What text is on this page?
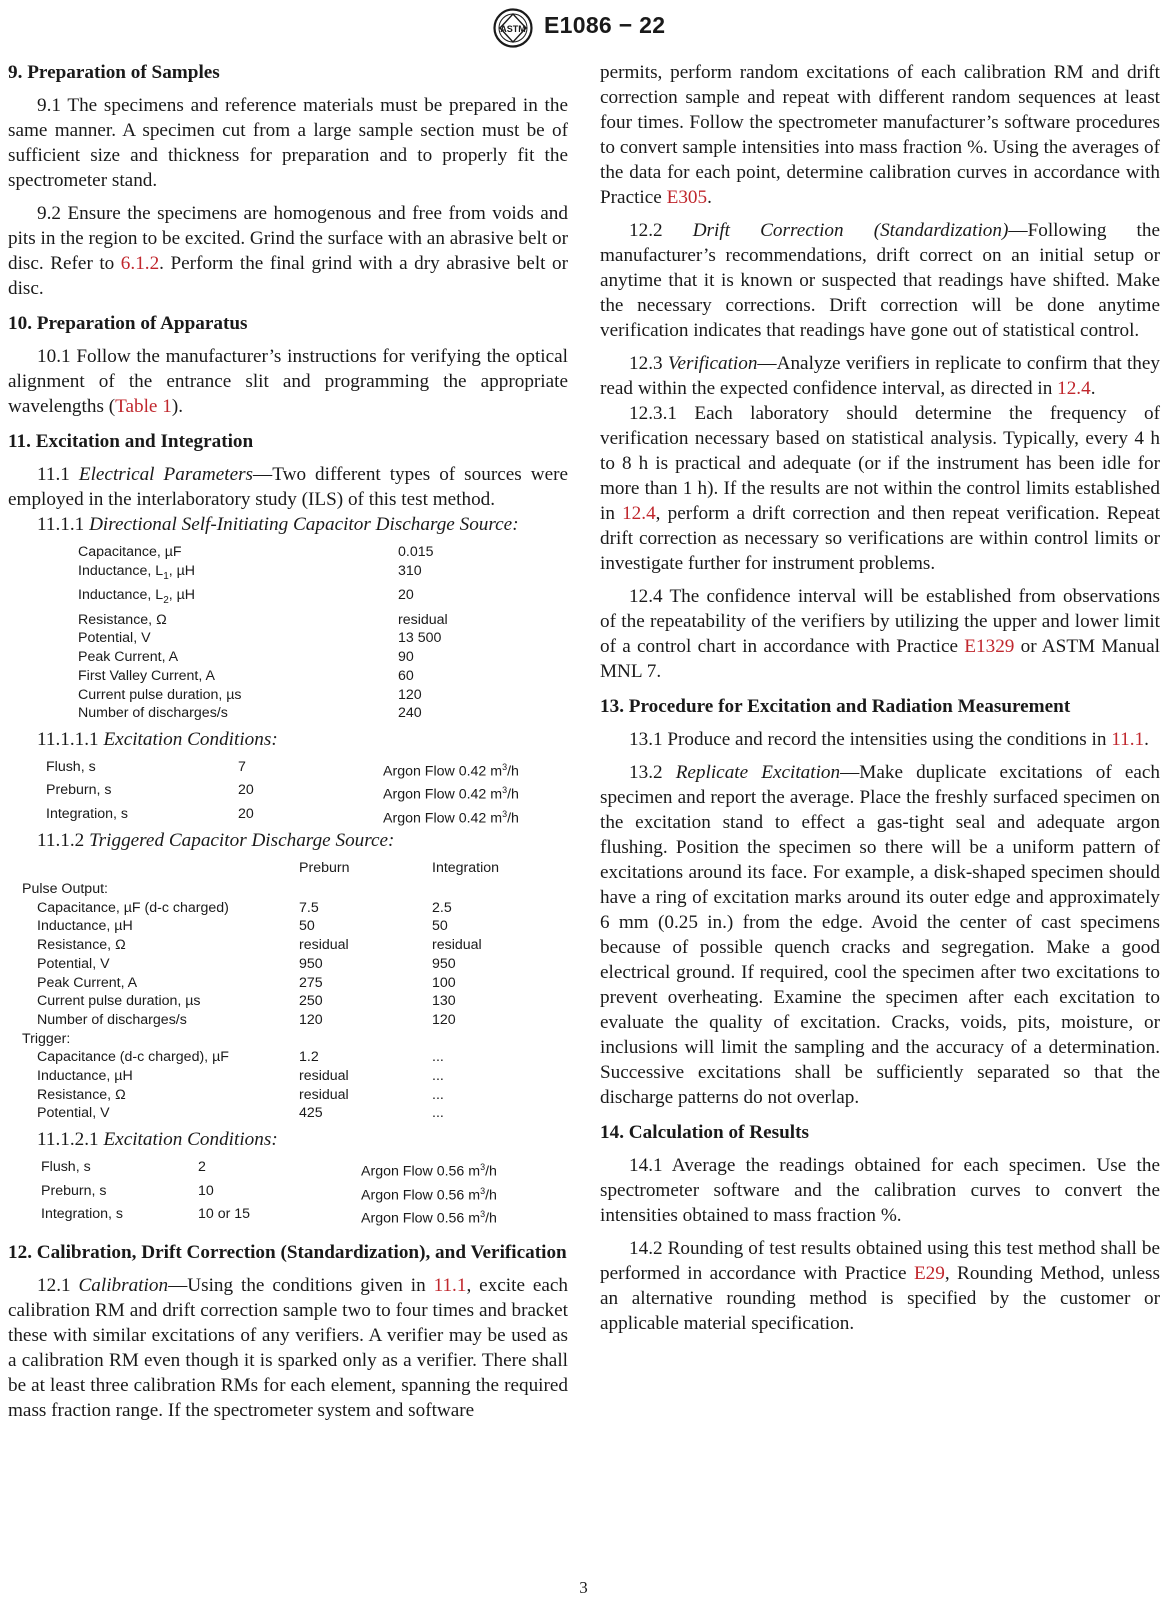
ASTM E1086 − 22
9. Preparation of Samples

9.1 The specimens and reference materials must be prepared in the same manner. A specimen cut from a large sample section must be of sufficient size and thickness for preparation and to properly fit the spectrometer stand.

9.2 Ensure the specimens are homogenous and free from voids and pits in the region to be excited. Grind the surface with an abrasive belt or disc. Refer to 6.1.2. Perform the final grind with a dry abrasive belt or disc.

10. Preparation of Apparatus

10.1 Follow the manufacturer’s instructions for verifying the optical alignment of the entrance slit and programming the appropriate wavelengths (Table 1).

11. Excitation and Integration

11.1 Electrical Parameters—Two different types of sources were employed in the interlaboratory study (ILS) of this test method.

11.1.1 Directional Self-Initiating Capacitor Discharge Source:

Capacitance, µF	0.015
Inductance, $L_1$, µH	310
Inductance, $L_2$, µH	20
Resistance, Ω	residual
Potential, V	13 500
Peak Current, A	90
First Valley Current, A	60
Current pulse duration, µs	120
Number of discharges/s	240

11.1.1.1 Excitation Conditions:

Flush, s	7	Argon Flow 0.42 $m^3/h$
Preburn, s	20	Argon Flow 0.42 $m^3/h$
Integration, s	20	Argon Flow 0.42 $m^3/h$

11.1.2 Triggered Capacitor Discharge Source:

	Preburn	Integration

Pulse Output:		
Capacitance, µF (d-c charged)	7.5	2.5
Inductance, µH	50	50
Resistance, Ω	residual	residual
Potential, V	950	950
Peak Current, A	275	100
Current pulse duration, µs	250	130
Number of discharges/s	120	120
Trigger:		
Capacitance (d-c charged), µF	1.2	...
Inductance, µH	residual	...
Resistance, Ω	residual	...
Potential, V	425	...

11.1.2.1 Excitation Conditions:

Flush, s	2	Argon Flow 0.56 $m^3/h$
Preburn, s	10	Argon Flow 0.56 $m^3/h$
Integration, s	10 or 15	Argon Flow 0.56 $m^3/h$
12. Calibration, Drift Correction (Standardization), and Verification

12.1 Calibration—Using the conditions given in 11.1, excite each calibration RM and drift correction sample two to four times and bracket these with similar excitations of any verifiers. A verifier may be used as a calibration RM even though it is sparked only as a verifier. There shall be at least three calibration RMs for each element, spanning the required mass fraction range. If the spectrometer system and software

permits, perform random excitations of each calibration RM and drift correction sample and repeat with different random sequences at least four times. Follow the spectrometer manufacturer’s software procedures to convert sample intensities into mass fraction %. Using the averages of the data for each point, determine calibration curves in accordance with Practice E305.

12.2 Drift Correction (Standardization)—Following the manufacturer’s recommendations, drift correct on an initial setup or anytime that it is known or suspected that readings have shifted. Make the necessary corrections. Drift correction will be done anytime verification indicates that readings have gone out of statistical control.

12.3 Verification—Analyze verifiers in replicate to confirm that they read within the expected confidence interval, as directed in 12.4.

12.3.1 Each laboratory should determine the frequency of verification necessary based on statistical analysis. Typically, every 4 h to 8 h is practical and adequate (or if the instrument has been idle for more than 1 h). If the results are not within the control limits established in 12.4, perform a drift correction and then repeat verification. Repeat drift correction as necessary so verifications are within control limits or investigate further for instrument problems.

12.4 The confidence interval will be established from observations of the repeatability of the verifiers by utilizing the upper and lower limit of a control chart in accordance with Practice E1329 or ASTM Manual MNL 7.

13. Procedure for Excitation and Radiation Measurement

13.1 Produce and record the intensities using the conditions in 11.1.

13.2 Replicate Excitation—Make duplicate excitations of each specimen and report the average. Place the freshly surfaced specimen on the excitation stand to effect a gas-tight seal and adequate argon flushing. Position the specimen so there will be a uniform pattern of excitations around its face. For example, a disk-shaped specimen should have a ring of excitation marks around its outer edge and approximately 6 mm (0.25 in.) from the edge. Avoid the center of cast specimens because of possible quench cracks and segregation. Make a good electrical ground. If required, cool the specimen after two excitations to prevent overheating. Examine the specimen after each excitation to evaluate the quality of excitation. Cracks, voids, pits, moisture, or inclusions will limit the sampling and the accuracy of a determination. Successive excitations shall be sufficiently separated so that the discharge patterns do not overlap.

14. Calculation of Results

14.1 Average the readings obtained for each specimen. Use the spectrometer software and the calibration curves to convert the intensities obtained to mass fraction %.

14.2 Rounding of test results obtained using this test method shall be performed in accordance with Practice E29, Rounding Method, unless an alternative rounding method is specified by the customer or applicable material specification.

3
